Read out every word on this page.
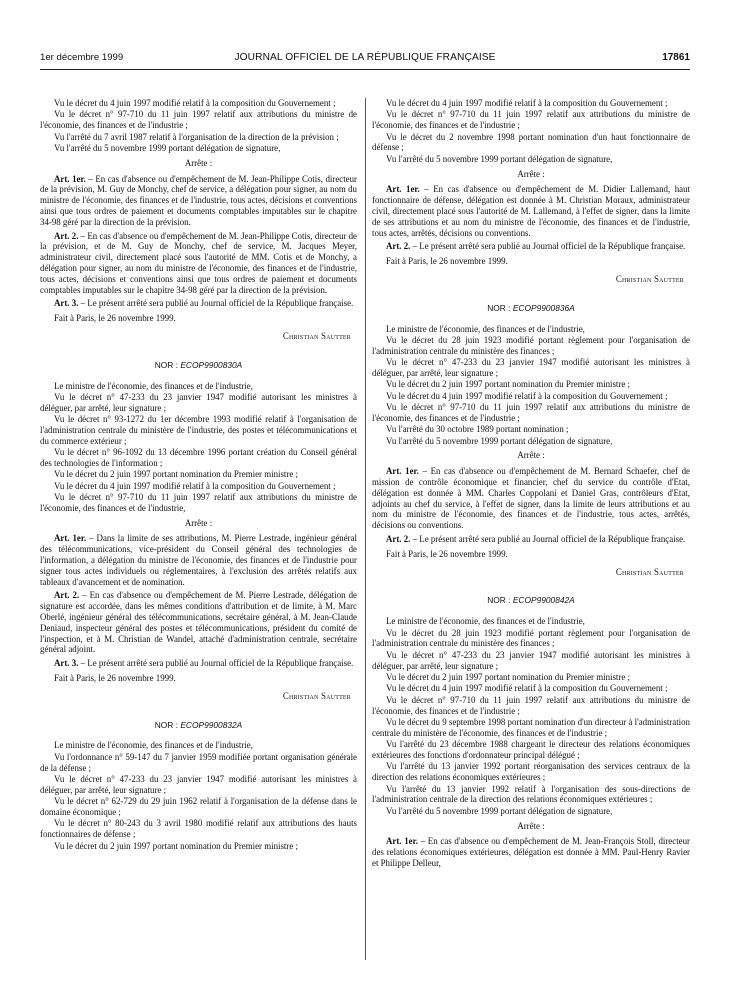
1er décembre 1999	JOURNAL OFFICIEL DE LA RÉPUBLIQUE FRANÇAISE	17861
Vu le décret du 4 juin 1997 modifié relatif à la composition du Gouvernement ;
Vu le décret n° 97-710 du 11 juin 1997 relatif aux attributions du ministre de l'économie, des finances et de l'industrie ;
Vu l'arrêté du 7 avril 1987 relatif à l'organisation de la direction de la prévision ;
Vu l'arrêté du 5 novembre 1999 portant délégation de signature,
Arrête :
Art. 1er. – En cas d'absence ou d'empêchement de M. Jean-Philippe Cotis, directeur de la prévision, M. Guy de Monchy, chef de service, a délégation pour signer, au nom du ministre de l'économie, des finances et de l'industrie, tous actes, décisions et conventions ainsi que tous ordres de paiement et documents comptables imputables sur le chapitre 34-98 géré par la direction de la prévision.
Art. 2. – En cas d'absence ou d'empêchement de M. Jean-Philippe Cotis, directeur de la prévision, et de M. Guy de Monchy, chef de service, M. Jacques Meyer, administrateur civil, directement placé sous l'autorité de MM. Cotis et de Monchy, a délégation pour signer, au nom du ministre de l'économie, des finances et de l'industrie, tous actes, décisions et conventions ainsi que tous ordres de paiement et documents comptables imputables sur le chapitre 34-98 géré par la direction de la prévision.
Art. 3. – Le présent arrêté sera publié au Journal officiel de la République française.
Fait à Paris, le 26 novembre 1999.
Christian Sautter
NOR : ECOP9900830A
Le ministre de l'économie, des finances et de l'industrie,
Vu le décret n° 47-233 du 23 janvier 1947 modifié autorisant les ministres à déléguer, par arrêté, leur signature ;
Vu le décret n° 93-1272 du 1er décembre 1993 modifié relatif à l'organisation de l'administration centrale du ministère de l'industrie, des postes et télécommunications et du commerce extérieur ;
Vu le décret n° 96-1092 du 13 décembre 1996 portant création du Conseil général des technologies de l'information ;
Vu le décret du 2 juin 1997 portant nomination du Premier ministre ;
Vu le décret du 4 juin 1997 modifié relatif à la composition du Gouvernement ;
Vu le décret n° 97-710 du 11 juin 1997 relatif aux attributions du ministre de l'économie, des finances et de l'industrie,
Arrête :
Art. 1er. – Dans la limite de ses attributions, M. Pierre Lestrade, ingénieur général des télécommunications, vice-président du Conseil général des technologies de l'information, a délégation du ministre de l'économie, des finances et de l'industrie pour signer tous actes individuels ou réglementaires, à l'exclusion des arrêtés relatifs aux tableaux d'avancement et de nomination.
Art. 2. – En cas d'absence ou d'empêchement de M. Pierre Lestrade, délégation de signature est accordée, dans les mêmes conditions d'attribution et de limite, à M. Marc Oberlé, ingénieur général des télécommunications, secrétaire général, à M. Jean-Claude Deniaud, inspecteur général des postes et télécommunications, président du comité de l'inspection, et à M. Christian de Wandel, attaché d'administration centrale, secrétaire général adjoint.
Art. 3. – Le présent arrêté sera publié au Journal officiel de la République française.
Fait à Paris, le 26 novembre 1999.
Christian Sautter
NOR : ECOP9900832A
Le ministre de l'économie, des finances et de l'industrie,
Vu l'ordonnance n° 59-147 du 7 janvier 1959 modifiée portant organisation générale de la défense ;
Vu le décret n° 47-233 du 23 janvier 1947 modifié autorisant les ministres à déléguer, par arrêté, leur signature ;
Vu le décret n° 62-729 du 29 juin 1962 relatif à l'organisation de la défense dans le domaine économique ;
Vu le décret n° 80-243 du 3 avril 1980 modifié relatif aux attributions des hauts fonctionnaires de défense ;
Vu le décret du 2 juin 1997 portant nomination du Premier ministre ;
Vu le décret du 4 juin 1997 modifié relatif à la composition du Gouvernement ;
Vu le décret n° 97-710 du 11 juin 1997 relatif aux attributions du ministre de l'économie, des finances et de l'industrie ;
Vu le décret du 2 novembre 1998 portant nomination d'un haut fonctionnaire de défense ;
Vu l'arrêté du 5 novembre 1999 portant délégation de signature,
Arrête :
Art. 1er. – En cas d'absence ou d'empêchement de M. Didier Lallemand, haut fonctionnaire de défense, délégation est donnée à M. Christian Moraux, administrateur civil, directement placé sous l'autorité de M. Lallemand, à l'effet de signer, dans la limite de ses attributions et au nom du ministre de l'économie, des finances et de l'industrie, tous actes, arrêtés, décisions ou conventions.
Art. 2. – Le présent arrêté sera publié au Journal officiel de la République française.
Fait à Paris, le 26 novembre 1999.
Christian Sautter
NOR : ECOP9900836A
Le ministre de l'économie, des finances et de l'industrie,
Vu le décret du 28 juin 1923 modifié portant règlement pour l'organisation de l'administration centrale du ministère des finances ;
Vu le décret n° 47-233 du 23 janvier 1947 modifié autorisant les ministres à déléguer, par arrêté, leur signature ;
Vu le décret du 2 juin 1997 portant nomination du Premier ministre ;
Vu le décret du 4 juin 1997 modifié relatif à la composition du Gouvernement ;
Vu le décret n° 97-710 du 11 juin 1997 relatif aux attributions du ministre de l'économie, des finances et de l'industrie ;
Vu l'arrêté du 30 octobre 1989 portant nomination ;
Vu l'arrêté du 5 novembre 1999 portant délégation de signature,
Arrête :
Art. 1er. – En cas d'absence ou d'empêchement de M. Bernard Schaefer, chef de mission de contrôle économique et financier, chef du service du contrôle d'Etat, délégation est donnée à MM. Charles Coppolani et Daniel Gras, contrôleurs d'Etat, adjoints au chef du service, à l'effet de signer, dans la limite de leurs attributions et au nom du ministre de l'économie, des finances et de l'industrie, tous actes, arrêtés, décisions ou conventions.
Art. 2. – Le présent arrêté sera publié au Journal officiel de la République française.
Fait à Paris, le 26 novembre 1999.
Christian Sautter
NOR : ECOP9900842A
Le ministre de l'économie, des finances et de l'industrie,
Vu le décret du 28 juin 1923 modifié portant règlement pour l'organisation de l'administration centrale du ministère des finances ;
Vu le décret n° 47-233 du 23 janvier 1947 modifié autorisant les ministres à déléguer, par arrêté, leur signature ;
Vu le décret du 2 juin 1997 portant nomination du Premier ministre ;
Vu le décret du 4 juin 1997 modifié relatif à la composition du Gouvernement ;
Vu le décret n° 97-710 du 11 juin 1997 relatif aux attributions du ministre de l'économie, des finances et de l'industrie ;
Vu le décret du 9 septembre 1998 portant nomination d'un directeur à l'administration centrale du ministère de l'économie, des finances et de l'industrie ;
Vu l'arrêté du 23 décembre 1988 chargeant le directeur des relations économiques extérieures des fonctions d'ordonnateur principal délégué ;
Vu l'arrêté du 13 janvier 1992 portant réorganisation des services centraux de la direction des relations économiques extérieures ;
Vu l'arrêté du 13 janvier 1992 relatif à l'organisation des sous-directions de l'administration centrale de la direction des relations économiques extérieures ;
Vu l'arrêté du 5 novembre 1999 portant délégation de signature,
Arrête :
Art. 1er. – En cas d'absence ou d'empêchement de M. Jean-François Stoll, directeur des relations économiques extérieures, délégation est donnée à MM. Paul-Henry Ravier et Philippe Delleur,
